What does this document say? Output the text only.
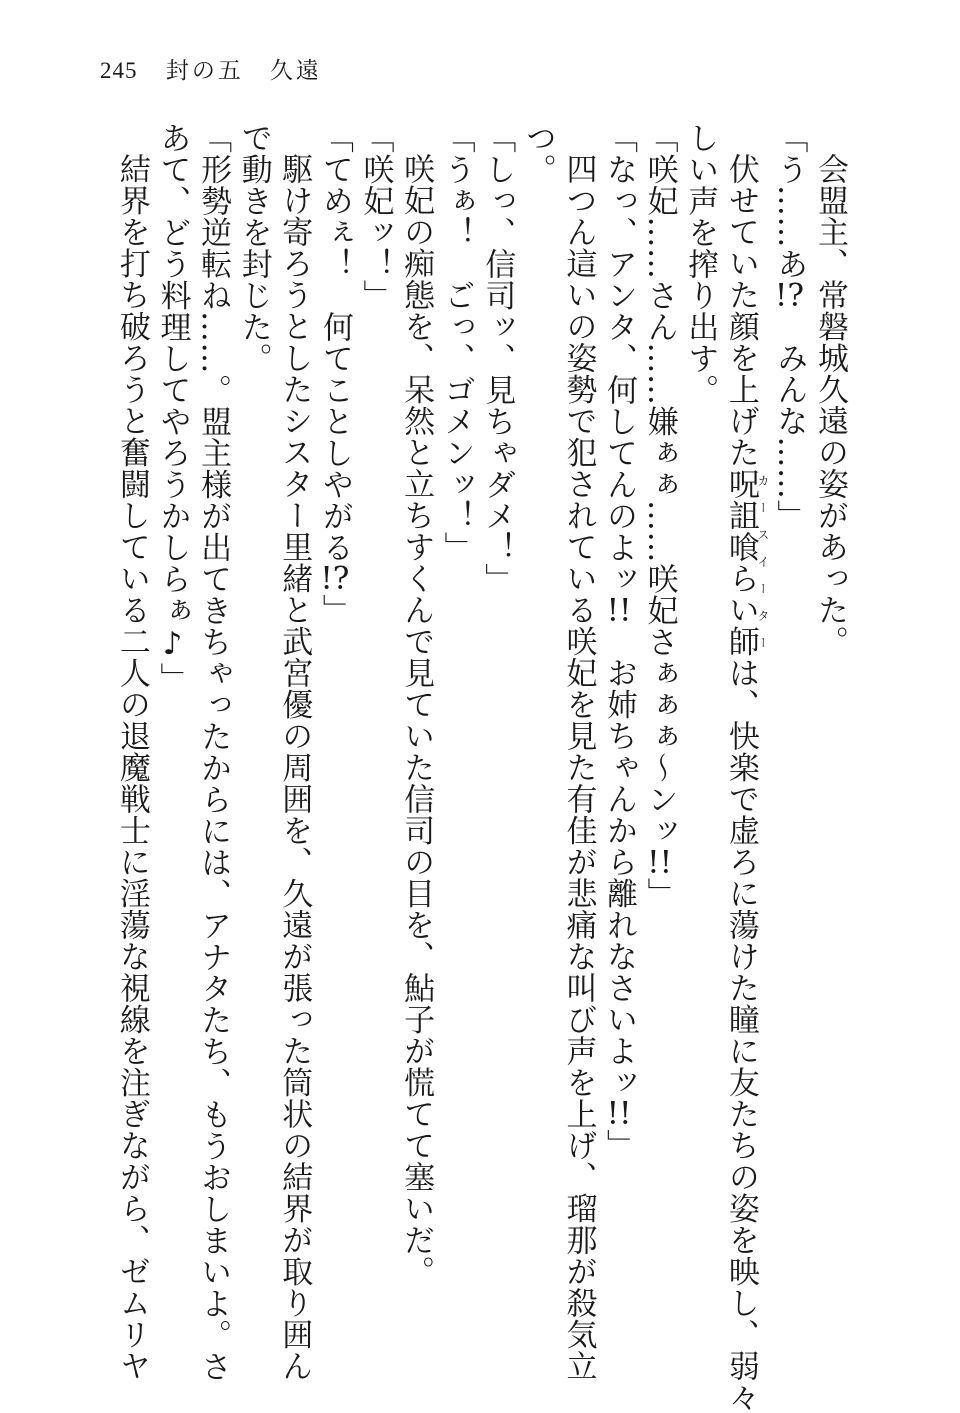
245 封の五　久遠
会盟主、常磐城久遠の姿があった。
「う……あ!?　みんな……」
伏せていた顔を上げた呪詛喰らい師カースイーターは、快楽で虚ろに蕩けた瞳に友たちの姿を映し、弱々
しい声を搾り出す。
「咲妃……さん……嫌ぁぁ……咲妃さぁぁぁ〜ンッ!!」
「なっ、アンタ、何してんのよッ!!　お姉ちゃんから離れなさいよッ!!」
四つん這いの姿勢で犯されている咲妃を見た有佳が悲痛な叫び声を上げ、瑠那が殺気立
つ。
「しっ、信司ッ、見ちゃダメ！」
「うぁ！　ごっ、ゴメンッ！」
咲妃の痴態を、呆然と立ちすくんで見ていた信司の目を、鮎子が慌てて塞いだ。
「咲妃ッ！」
「てめぇ！　何てことしやがる!?」
駆け寄ろうとしたシスター里緒と武宮優の周囲を、久遠が張った筒状の結界が取り囲ん
で動きを封じた。
「形勢逆転ね……。盟主様が出てきちゃったからには、アナタたち、もうおしまいよ。さ
あて、どう料理してやろうかしらぁ♪」
結界を打ち破ろうと奮闘している二人の退魔戦士に淫蕩な視線を注ぎながら、ゼムリヤ
